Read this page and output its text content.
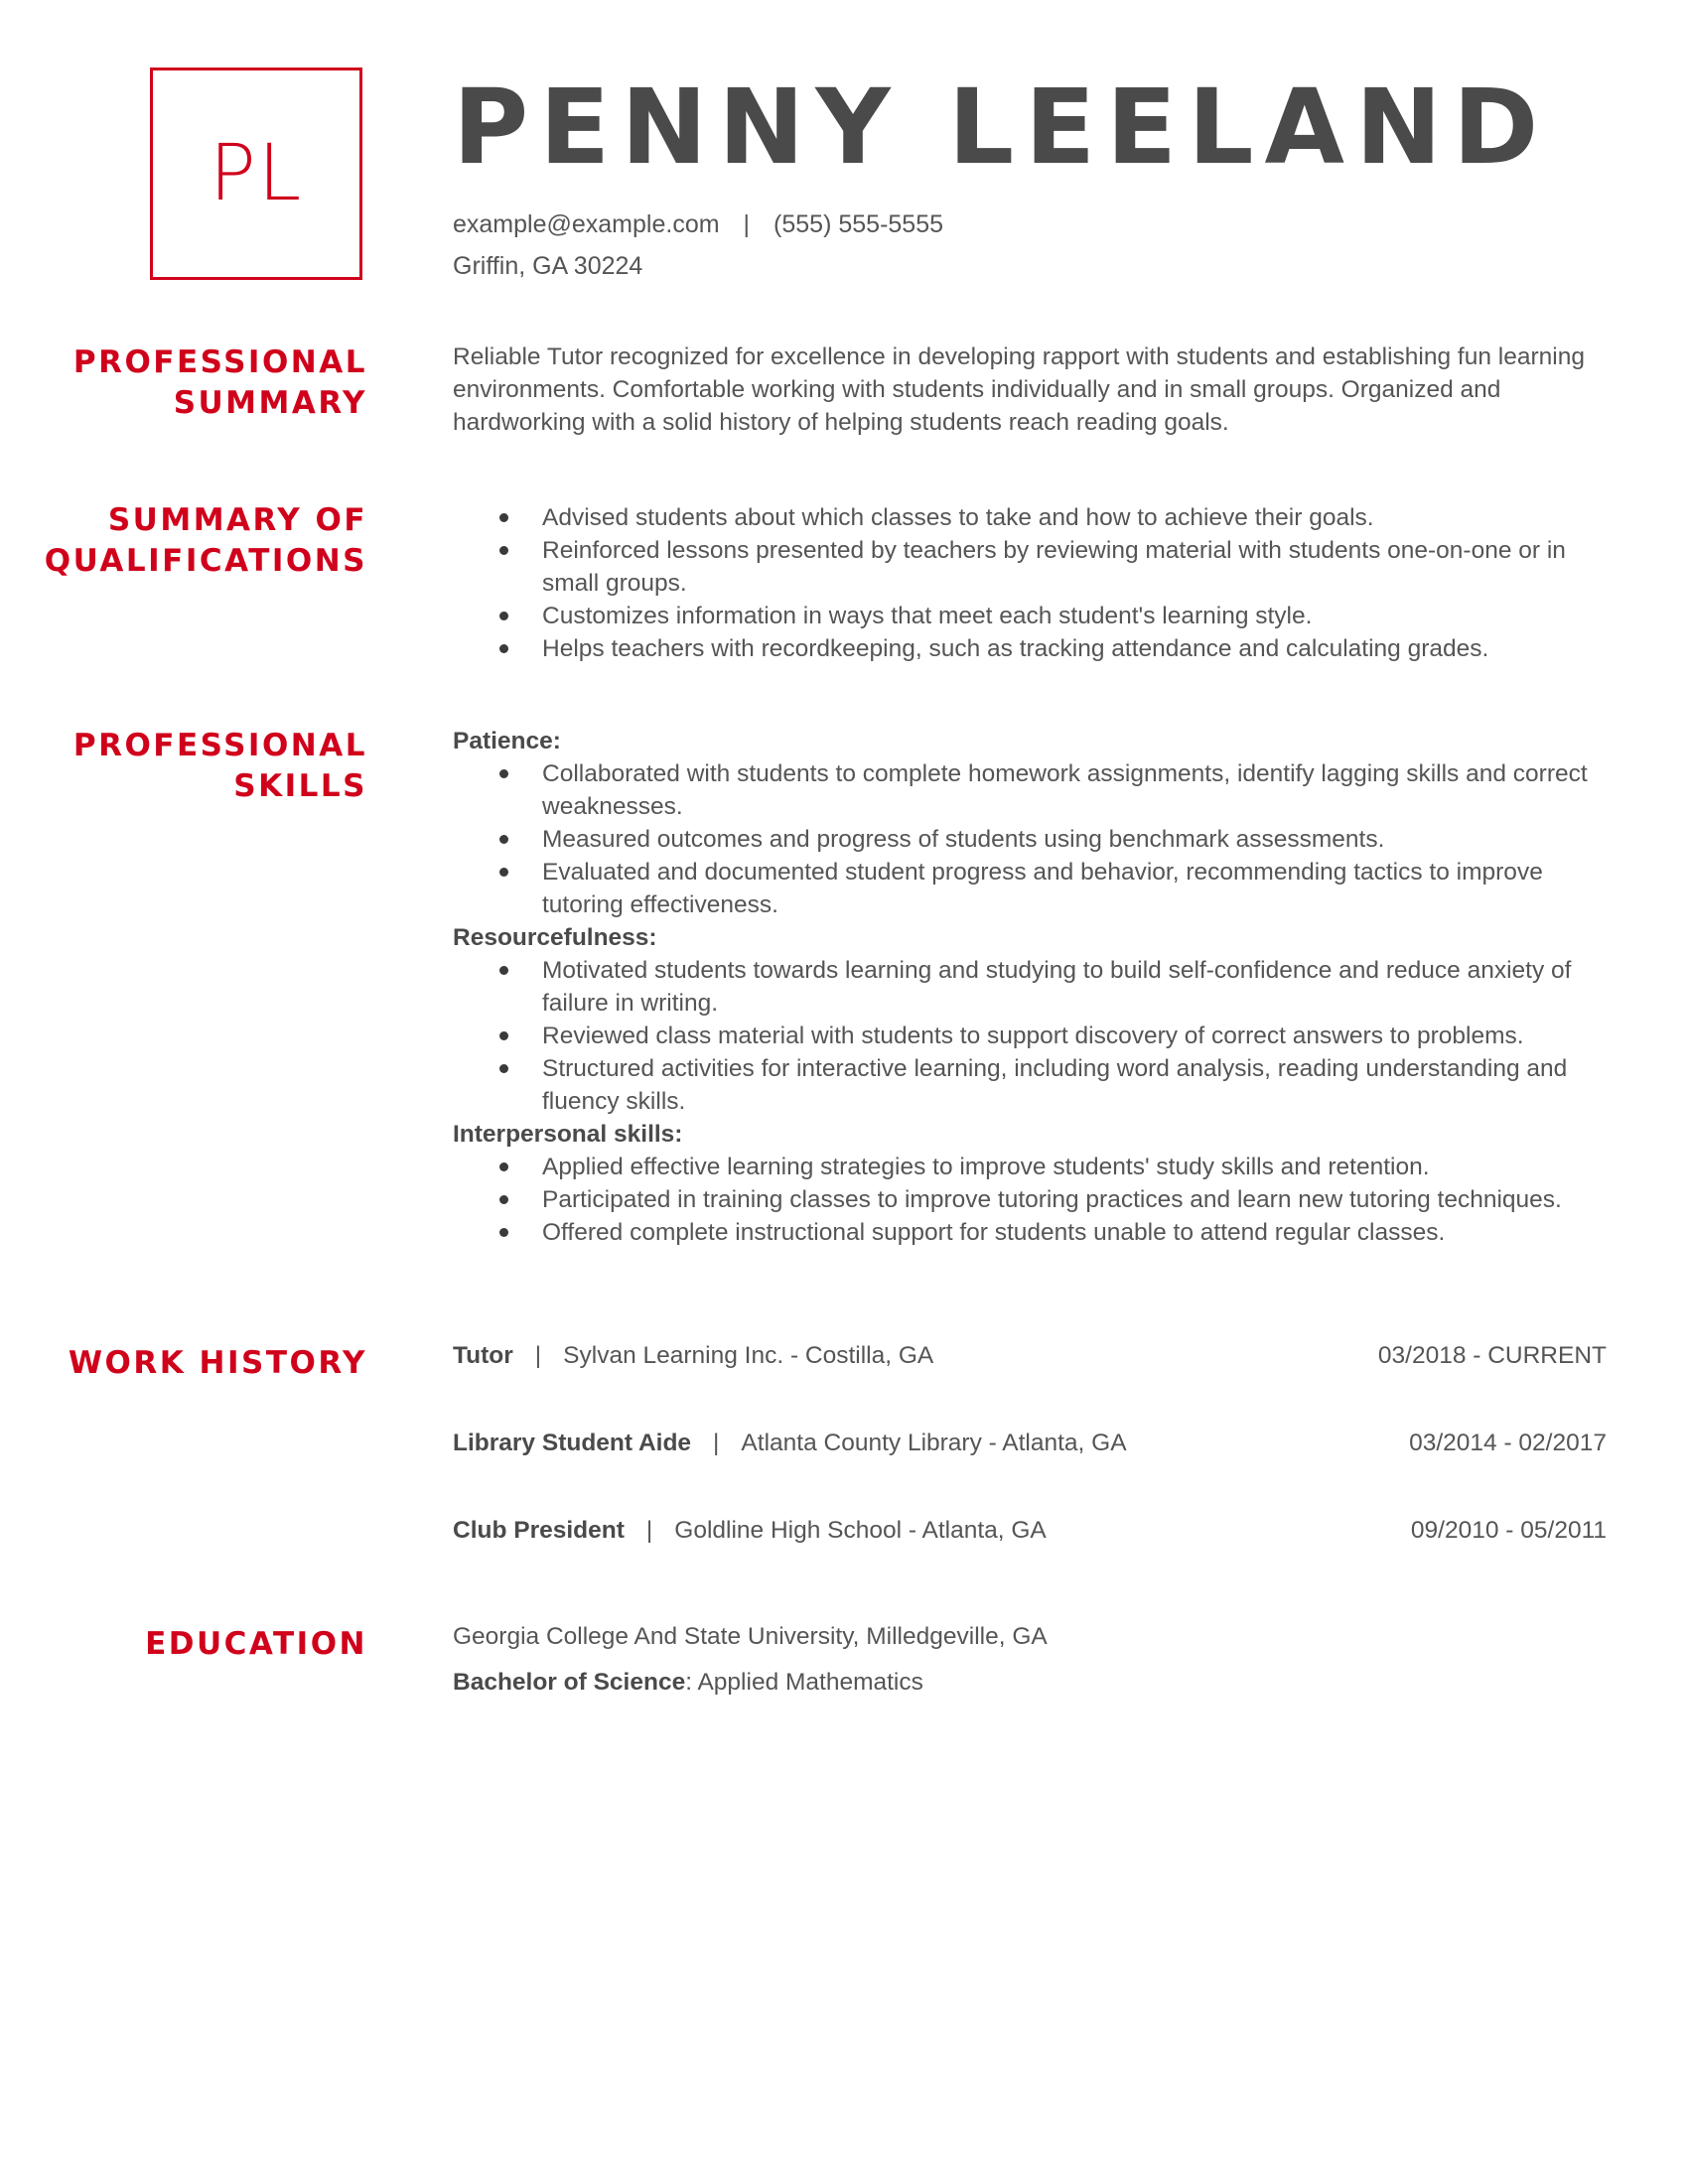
PL PENNY LEELAND
example@example.com | (555) 555-5555
Griffin, GA 30224
PROFESSIONAL
SUMMARY

Reliable Tutor recognized for excellence in developing rapport with students and establishing fun learning environments. Comfortable working with students individually and in small groups. Organized and hardworking with a solid history of helping students reach reading goals.

SUMMARY OF
QUALIFICATIONS
Advised students about which classes to take and how to achieve their goals.
Reinforced lessons presented by teachers by reviewing material with students one-on-one or in small groups.
Customizes information in ways that meet each student's learning style.
Helps teachers with recordkeeping, such as tracking attendance and calculating grades.
PROFESSIONAL
SKILLS
Patience:
Collaborated with students to complete homework assignments, identify lagging skills and correct weaknesses.
Measured outcomes and progress of students using benchmark assessments.
Evaluated and documented student progress and behavior, recommending tactics to improve tutoring effectiveness.
Resourcefulness:
Motivated students towards learning and studying to build self-confidence and reduce anxiety of failure in writing.
Reviewed class material with students to support discovery of correct answers to problems.
Structured activities for interactive learning, including word analysis, reading understanding and fluency skills.
Interpersonal skills:
Applied effective learning strategies to improve students' study skills and retention.
Participated in training classes to improve tutoring practices and learn new tutoring techniques.
Offered complete instructional support for students unable to attend regular classes.
WORK HISTORY	Tutor | Sylvan Learning Inc. - Costilla, GA	03/2018 - CURRENT
Library Student Aide | Atlanta County Library - Atlanta, GA	03/2014 - 02/2017
Club President | Goldline High School - Atlanta, GA	09/2010 - 05/2011
EDUCATION	Georgia College And State University, Milledgeville, GA
Bachelor of Science: Applied Mathematics
